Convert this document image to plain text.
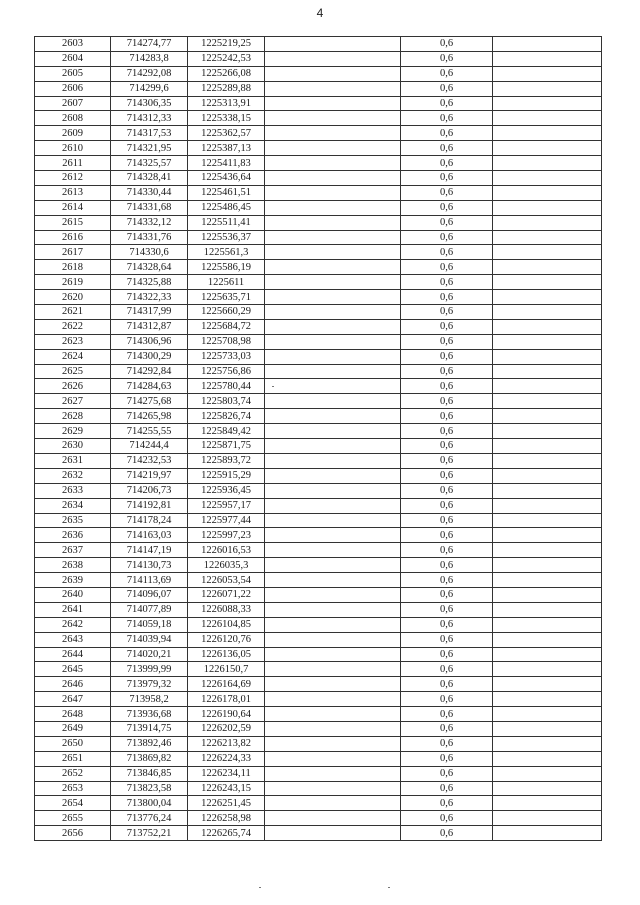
4
2603	714274,77	1225219,25		0,6	
2604	714283,8	1225242,53		0,6	
2605	714292,08	1225266,08		0,6	
2606	714299,6	1225289,88		0,6	
2607	714306,35	1225313,91		0,6	
2608	714312,33	1225338,15		0,6	
2609	714317,53	1225362,57		0,6	
2610	714321,95	1225387,13		0,6	
2611	714325,57	1225411,83		0,6	
2612	714328,41	1225436,64		0,6	
2613	714330,44	1225461,51		0,6	
2614	714331,68	1225486,45		0,6	
2615	714332,12	1225511,41		0,6	
2616	714331,76	1225536,37		0,6	
2617	714330,6	1225561,3		0,6	
2618	714328,64	1225586,19		0,6	
2619	714325,88	1225611		0,6	
2620	714322,33	1225635,71		0,6	
2621	714317,99	1225660,29		0,6	
2622	714312,87	1225684,72		0,6	
2623	714306,96	1225708,98		0,6	
2624	714300,29	1225733,03		0,6	
2625	714292,84	1225756,86		0,6	
2626	714284,63	1225780,44		0,6	
2627	714275,68	1225803,74		0,6	
2628	714265,98	1225826,74		0,6	
2629	714255,55	1225849,42		0,6	
2630	714244,4	1225871,75		0,6	
2631	714232,53	1225893,72		0,6	
2632	714219,97	1225915,29		0,6	
2633	714206,73	1225936,45		0,6	
2634	714192,81	1225957,17		0,6	
2635	714178,24	1225977,44		0,6	
2636	714163,03	1225997,23		0,6	
2637	714147,19	1226016,53		0,6	
2638	714130,73	1226035,3		0,6	
2639	714113,69	1226053,54		0,6	
2640	714096,07	1226071,22		0,6	
2641	714077,89	1226088,33		0,6	
2642	714059,18	1226104,85		0,6	
2643	714039,94	1226120,76		0,6	
2644	714020,21	1226136,05		0,6	
2645	713999,99	1226150,7		0,6	
2646	713979,32	1226164,69		0,6	
2647	713958,2	1226178,01		0,6	
2648	713936,68	1226190,64		0,6	
2649	713914,75	1226202,59		0,6	
2650	713892,46	1226213,82		0,6	
2651	713869,82	1226224,33		0,6	
2652	713846,85	1226234,11		0,6	
2653	713823,58	1226243,15		0,6	
2654	713800,04	1226251,45		0,6	
2655	713776,24	1226258,98		0,6	
2656	713752,21	1226265,74		0,6	
